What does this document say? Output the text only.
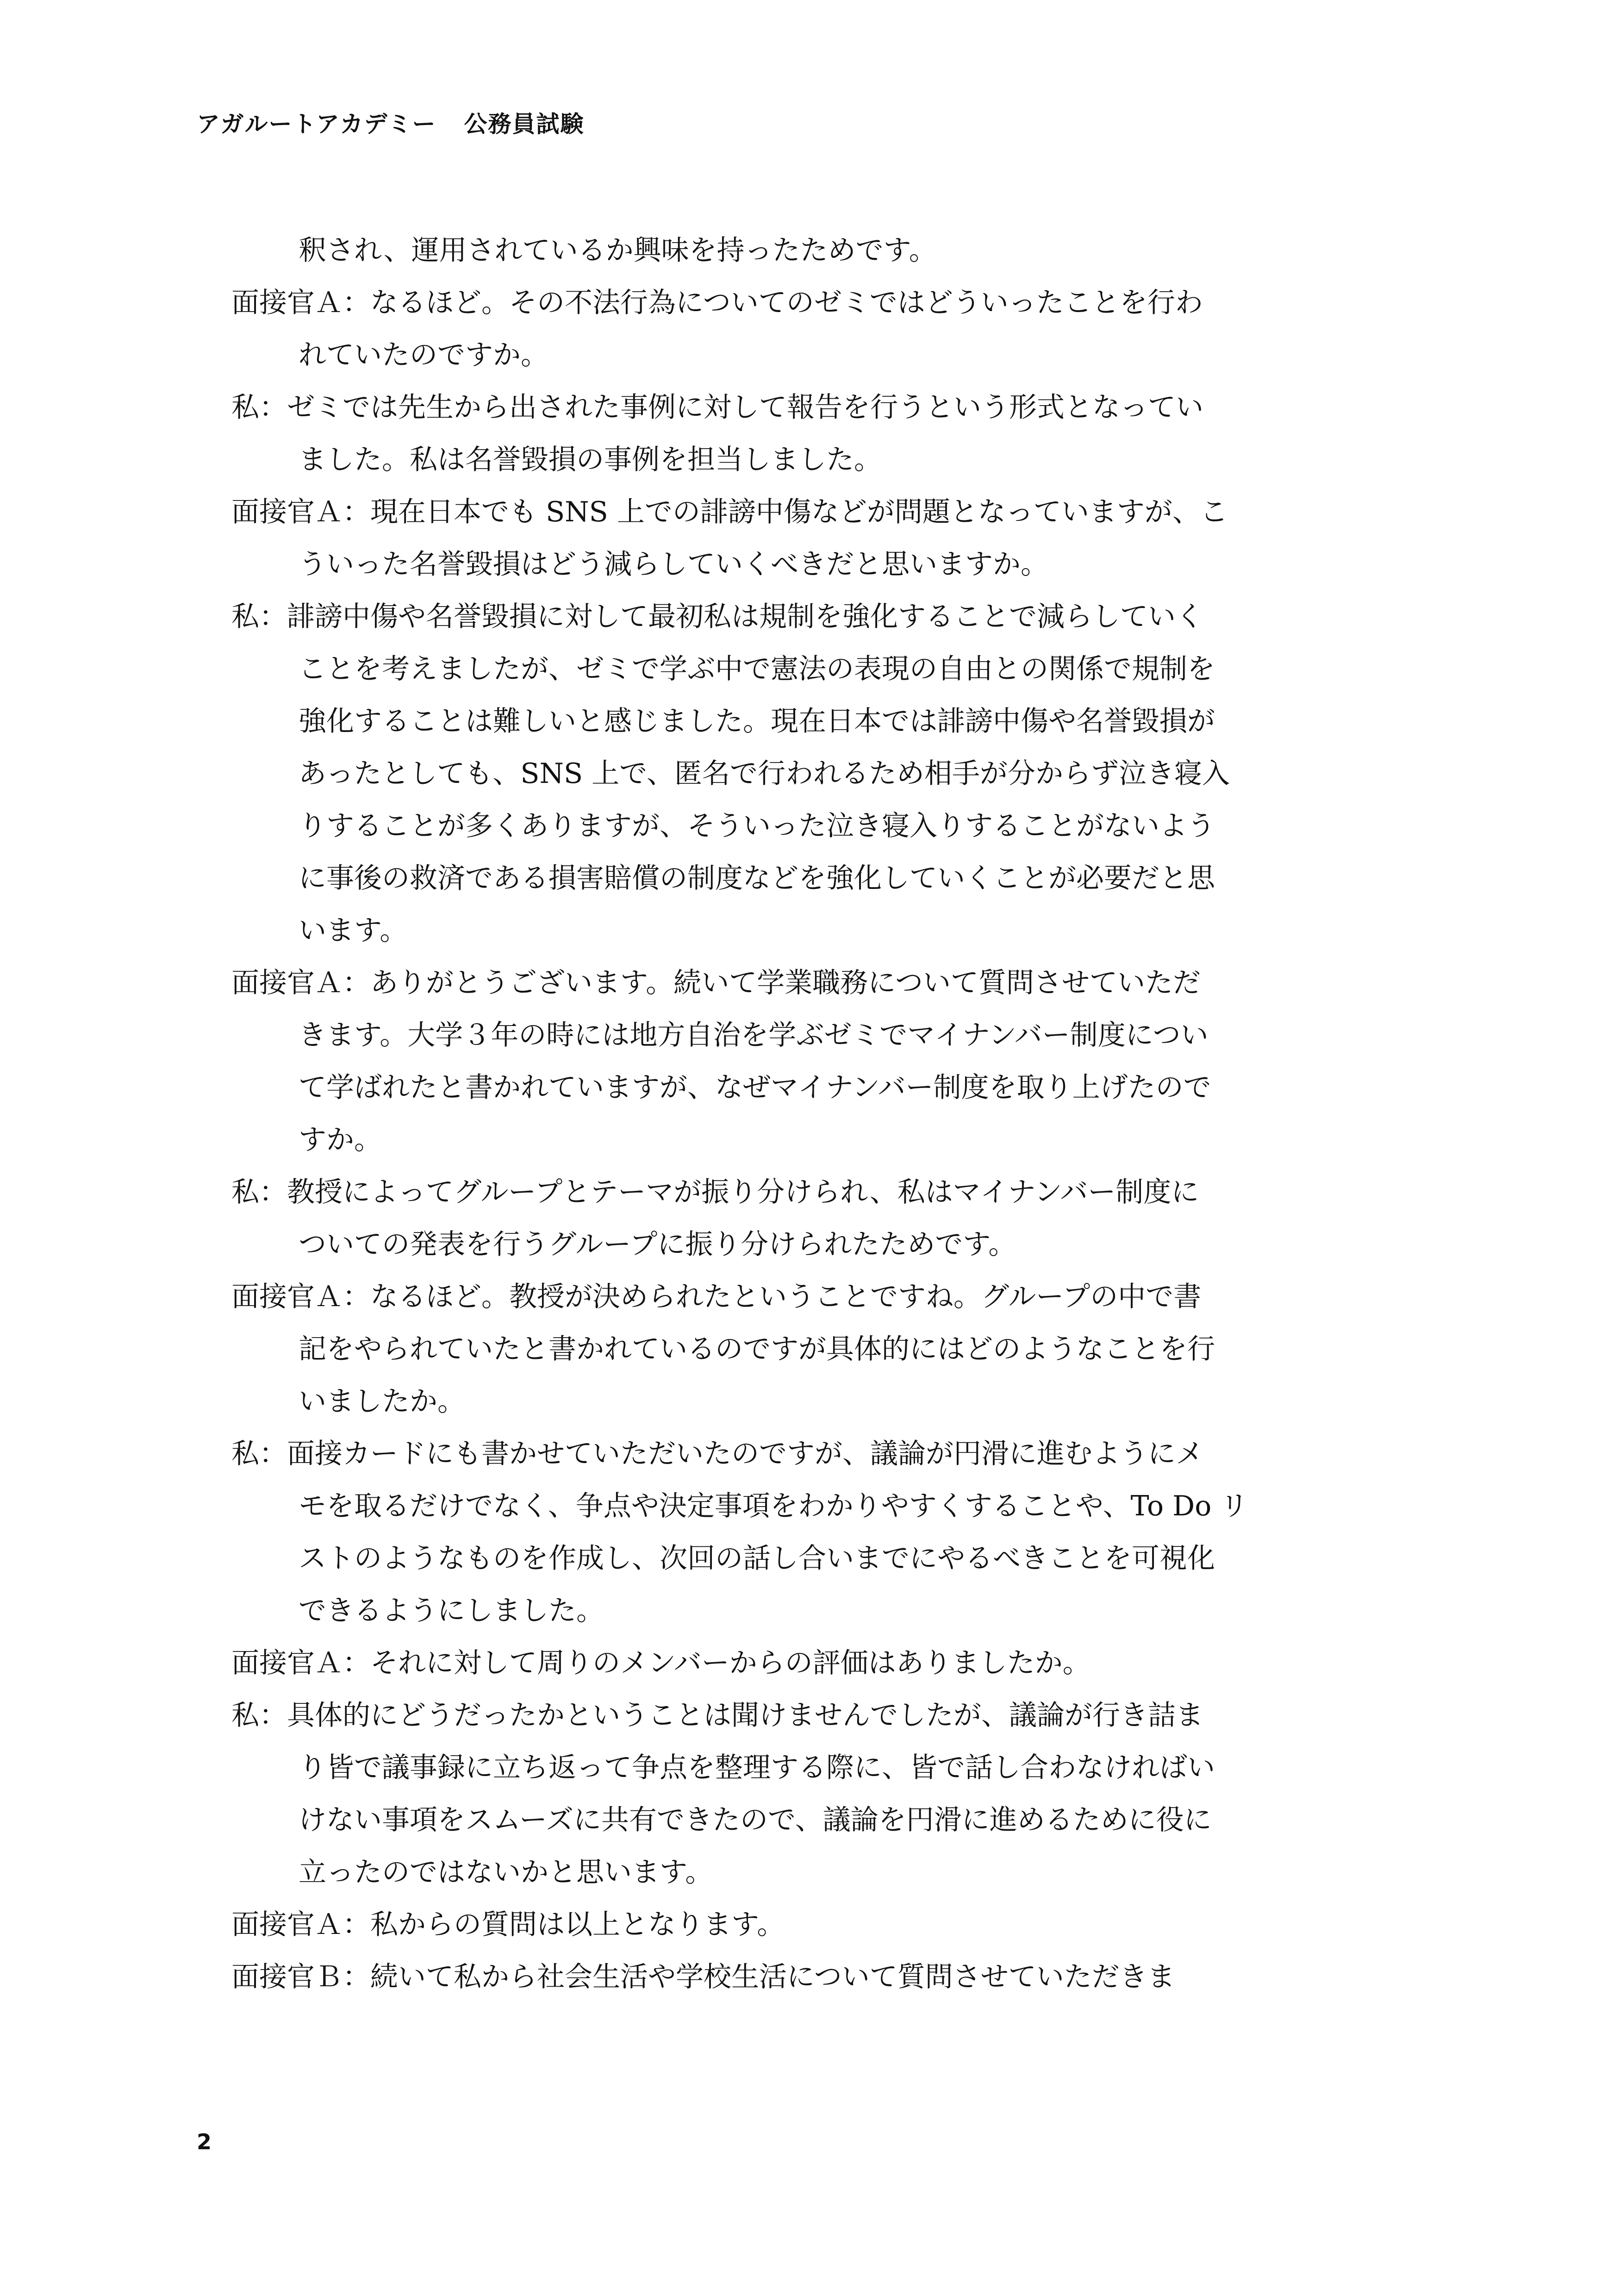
アガルートアカデミー 公務員試験

釈され、運用されているか興味を持ったためです。

面接官Ａ：なるほど。その不法行為についてのゼミではどういったことを行わ

れていたのですか。

私：ゼミでは先生から出された事例に対して報告を行うという形式となってい

ました。私は名誉毀損の事例を担当しました。

面接官Ａ：現在日本でも SNS 上での誹謗中傷などが問題となっていますが、こ

ういった名誉毀損はどう減らしていくべきだと思いますか。

私：誹謗中傷や名誉毀損に対して最初私は規制を強化することで減らしていく

ことを考えましたが、ゼミで学ぶ中で憲法の表現の自由との関係で規制を

強化することは難しいと感じました。現在日本では誹謗中傷や名誉毀損が

あったとしても、SNS 上で、匿名で行われるため相手が分からず泣き寝入

りすることが多くありますが、そういった泣き寝入りすることがないよう

に事後の救済である損害賠償の制度などを強化していくことが必要だと思

います。

面接官Ａ：ありがとうございます。続いて学業職務について質問させていただ

きます。大学３年の時には地方自治を学ぶゼミでマイナンバー制度につい

て学ばれたと書かれていますが、なぜマイナンバー制度を取り上げたので

すか。

私：教授によってグループとテーマが振り分けられ、私はマイナンバー制度に

ついての発表を行うグループに振り分けられたためです。

面接官Ａ：なるほど。教授が決められたということですね。グループの中で書

記をやられていたと書かれているのですが具体的にはどのようなことを行

いましたか。

私：面接カードにも書かせていただいたのですが、議論が円滑に進むようにメ

モを取るだけでなく、争点や決定事項をわかりやすくすることや、To Do リ

ストのようなものを作成し、次回の話し合いまでにやるべきことを可視化

できるようにしました。

面接官Ａ：それに対して周りのメンバーからの評価はありましたか。

私：具体的にどうだったかということは聞けませんでしたが、議論が行き詰ま

り皆で議事録に立ち返って争点を整理する際に、皆で話し合わなければい

けない事項をスムーズに共有できたので、議論を円滑に進めるために役に

立ったのではないかと思います。

面接官Ａ：私からの質問は以上となります。

面接官Ｂ：続いて私から社会生活や学校生活について質問させていただきま

2
